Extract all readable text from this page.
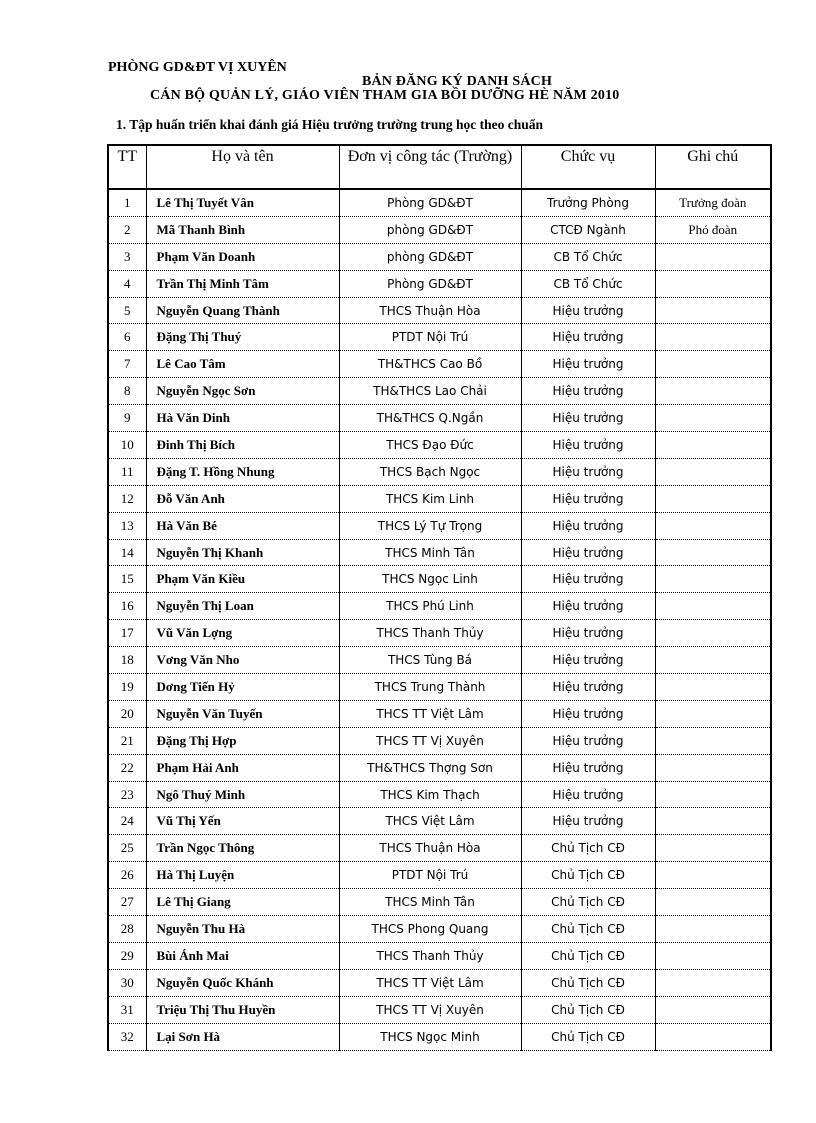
PHÒNG GD&ĐT VỊ XUYÊN
BẢN ĐĂNG KÝ DANH SÁCH
CÁN BỘ QUẢN LÝ, GIÁO VIÊN THAM GIA BỒI DƯỠNG HÈ NĂM 2010
1. Tập huấn triển khai đánh giá Hiệu trưởng trường trung học theo chuẩn
TT	Họ và tên	Đơn vị công tác (Trường)	Chức vụ	Ghi chú
1	Lê Thị Tuyết Vân	Phòng GD&ĐT	Trưởng Phòng	Trưởng đoàn
2	Mã Thanh Bình	phòng GD&ĐT	CTCĐ Ngành	Phó đoàn
3	Phạm Văn Doanh	phòng GD&ĐT	CB Tổ Chức	
4	Trần Thị Minh Tâm	Phòng GD&ĐT	CB Tổ Chức	
5	Nguyễn Quang Thành	THCS Thuận Hòa	Hiệu trưởng	
6	Đặng Thị Thuý	PTDT Nội Trú	Hiệu trưởng	
7	Lê Cao Tâm	TH&THCS Cao Bồ	Hiệu trưởng	
8	Nguyễn Ngọc Sơn	TH&THCS Lao Chải	Hiệu trưởng	
9	Hà Văn Dinh	TH&THCS Q.Ngần	Hiệu trưởng	
10	Đinh Thị Bích	THCS Đạo Đức	Hiệu trưởng	
11	Đặng T. Hồng Nhung	THCS Bạch Ngọc	Hiệu trưởng	
12	Đỗ Văn Anh	THCS Kim Linh	Hiệu trưởng	
13	Hà Văn Bé	THCS Lý Tự Trọng	Hiệu trưởng	
14	Nguyễn Thị Khanh	THCS Minh Tân	Hiệu trưởng	
15	Phạm Văn Kiều	THCS Ngọc Linh	Hiệu trưởng	
16	Nguyễn Thị Loan	THCS Phú Linh	Hiệu trưởng	
17	Vũ Văn Lợng	THCS Thanh Thủy	Hiệu trưởng	
18	Vơng Văn Nho	THCS Tùng Bá	Hiệu trưởng	
19	Dơng Tiến Hỷ	THCS Trung Thành	Hiệu trưởng	
20	Nguyễn Văn Tuyến	THCS TT Việt Lâm	Hiệu trưởng	
21	Đặng Thị Hợp	THCS TT Vị Xuyên	Hiệu trưởng	
22	Phạm Hải Anh	TH&THCS Thợng Sơn	Hiệu trưởng	
23	Ngô Thuý Minh	THCS Kim Thạch	Hiệu trưởng	
24	Vũ Thị Yến	THCS Việt Lâm	Hiệu trưởng	
25	Trần Ngọc Thông	THCS Thuận Hòa	Chủ Tịch CĐ	
26	Hà Thị Luyện	PTDT Nội Trú	Chủ Tịch CĐ	
27	Lê Thị Giang	THCS Minh Tân	Chủ Tịch CĐ	
28	Nguyễn Thu Hà	THCS Phong Quang	Chủ Tịch CĐ	
29	Bùi Ánh Mai	THCS Thanh Thủy	Chủ Tịch CĐ	
30	Nguyễn Quốc Khánh	THCS TT Việt Lâm	Chủ Tịch CĐ	
31	Triệu Thị Thu Huyền	THCS TT Vị Xuyên	Chủ Tịch CĐ	
32	Lại Sơn Hà	THCS Ngọc Minh	Chủ Tịch CĐ	
